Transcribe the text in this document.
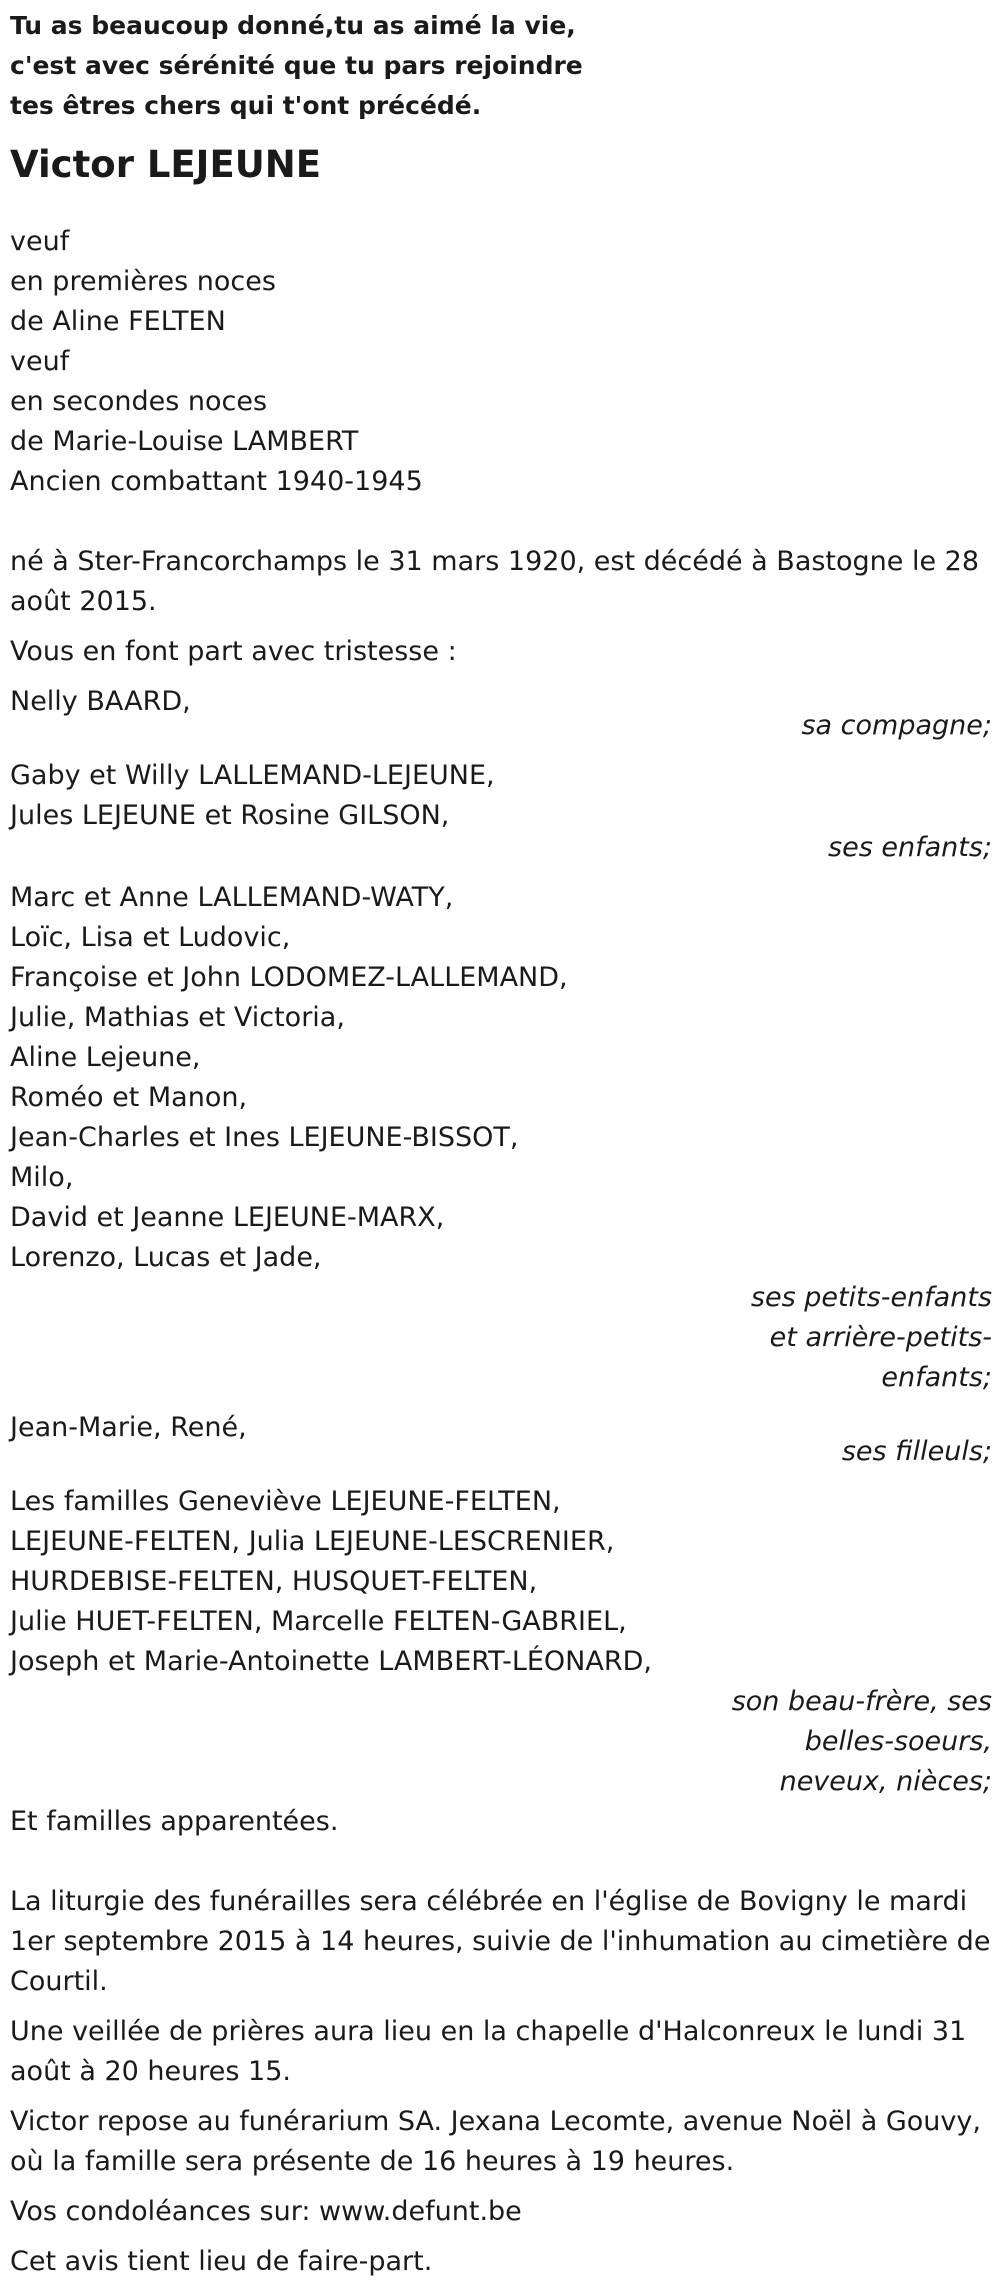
Tu as beaucoup donné,tu as aimé la vie,
c'est avec sérénité que tu pars rejoindre
tes êtres chers qui t'ont précédé.
Victor LEJEUNE
veuf
en premières noces
de Aline FELTEN
veuf
en secondes noces
de Marie-Louise LAMBERT
Ancien combattant 1940-1945
né à Ster-Francorchamps le 31 mars 1920, est décédé à Bastogne le 28 août 2015.
Vous en font part avec tristesse :
Nelly BAARD,
sa compagne;
Gaby et Willy LALLEMAND-LEJEUNE,
Jules LEJEUNE et Rosine GILSON,
ses enfants;
Marc et Anne LALLEMAND-WATY,
Loïc, Lisa et Ludovic,
Françoise et John LODOMEZ-LALLEMAND,
Julie, Mathias et Victoria,
Aline Lejeune,
Roméo et Manon,
Jean-Charles et Ines LEJEUNE-BISSOT,
Milo,
David et Jeanne LEJEUNE-MARX,
Lorenzo, Lucas et Jade,
ses petits-enfants
et arrière-petits-
enfants;
Jean-Marie, René,
ses filleuls;
Les familles Geneviève LEJEUNE-FELTEN,
LEJEUNE-FELTEN, Julia LEJEUNE-LESCRENIER,
HURDEBISE-FELTEN, HUSQUET-FELTEN,
Julie HUET-FELTEN, Marcelle FELTEN-GABRIEL,
Joseph et Marie-Antoinette LAMBERT-LÉONARD,
son beau-frère, ses
belles-soeurs,
neveux, nièces;
Et familles apparentées.
La liturgie des funérailles sera célébrée en l'église de Bovigny le mardi 1er septembre 2015 à 14 heures, suivie de l'inhumation au cimetière de Courtil.
Une veillée de prières aura lieu en la chapelle d'Halconreux le lundi 31 août à 20 heures 15.
Victor repose au funérarium SA. Jexana Lecomte, avenue Noël à Gouvy, où la famille sera présente de 16 heures à 19 heures.
Vos condoléances sur: www.defunt.be
Cet avis tient lieu de faire-part.
